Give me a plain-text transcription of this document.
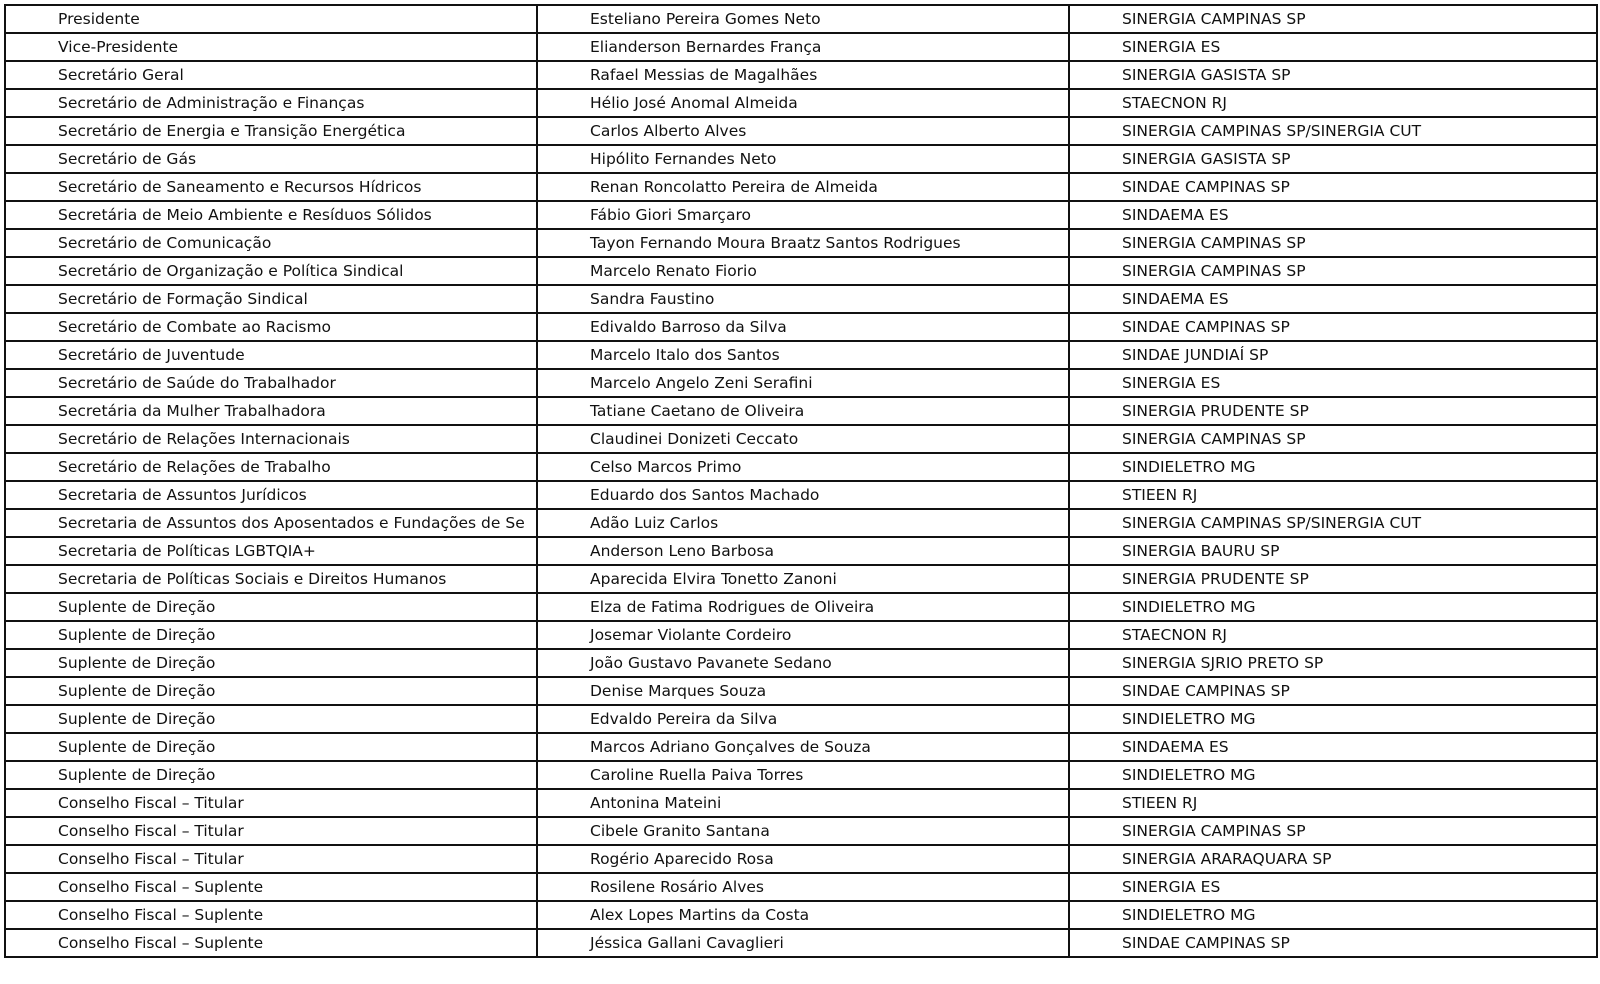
Presidente	Esteliano Pereira Gomes Neto	SINERGIA CAMPINAS SP
Vice-Presidente	Elianderson Bernardes França	SINERGIA ES
Secretário Geral	Rafael Messias de Magalhães	SINERGIA GASISTA SP
Secretário de Administração e Finanças	Hélio José Anomal Almeida	STAECNON RJ
Secretário de Energia e Transição Energética	Carlos Alberto Alves	SINERGIA CAMPINAS SP/SINERGIA CUT
Secretário de Gás	Hipólito Fernandes Neto	SINERGIA GASISTA SP
Secretário de Saneamento e Recursos Hídricos	Renan Roncolatto Pereira de Almeida	SINDAE CAMPINAS SP
Secretária de Meio Ambiente e Resíduos Sólidos	Fábio Giori Smarçaro	SINDAEMA ES
Secretário de Comunicação	Tayon Fernando Moura Braatz Santos Rodrigues	SINERGIA CAMPINAS SP
Secretário de Organização e Política Sindical	Marcelo Renato Fiorio	SINERGIA CAMPINAS SP
Secretário de Formação Sindical	Sandra Faustino	SINDAEMA ES
Secretário de Combate ao Racismo	Edivaldo Barroso da Silva	SINDAE CAMPINAS SP
Secretário de Juventude	Marcelo Italo dos Santos	SINDAE JUNDIAÍ SP
Secretário de Saúde do Trabalhador	Marcelo Angelo Zeni Serafini	SINERGIA ES
Secretária da Mulher Trabalhadora	Tatiane Caetano de Oliveira	SINERGIA PRUDENTE SP
Secretário de Relações Internacionais	Claudinei Donizeti Ceccato	SINERGIA CAMPINAS SP
Secretário de Relações de Trabalho	Celso Marcos Primo	SINDIELETRO MG
Secretaria de Assuntos Jurídicos	Eduardo dos Santos Machado	STIEEN RJ
Secretaria de Assuntos dos Aposentados e Fundações de Se	Adão Luiz Carlos	SINERGIA CAMPINAS SP/SINERGIA CUT
Secretaria de Políticas LGBTQIA+	Anderson Leno Barbosa	SINERGIA BAURU SP
Secretaria de Políticas Sociais e Direitos Humanos	Aparecida Elvira Tonetto Zanoni	SINERGIA PRUDENTE SP
Suplente de Direção	Elza de Fatima Rodrigues de Oliveira	SINDIELETRO MG
Suplente de Direção	Josemar Violante Cordeiro	STAECNON RJ
Suplente de Direção	João Gustavo Pavanete Sedano	SINERGIA SJRIO PRETO SP
Suplente de Direção	Denise Marques Souza	SINDAE CAMPINAS SP
Suplente de Direção	Edvaldo Pereira da Silva	SINDIELETRO MG
Suplente de Direção	Marcos Adriano Gonçalves de Souza	SINDAEMA ES
Suplente de Direção	Caroline Ruella Paiva Torres	SINDIELETRO MG
Conselho Fiscal – Titular	Antonina Mateini	STIEEN RJ
Conselho Fiscal – Titular	Cibele Granito Santana	SINERGIA CAMPINAS SP
Conselho Fiscal – Titular	Rogério Aparecido Rosa	SINERGIA ARARAQUARA SP
Conselho Fiscal – Suplente	Rosilene Rosário Alves	SINERGIA ES
Conselho Fiscal – Suplente	Alex Lopes Martins da Costa	SINDIELETRO MG
Conselho Fiscal – Suplente	Jéssica Gallani Cavaglieri	SINDAE CAMPINAS SP
